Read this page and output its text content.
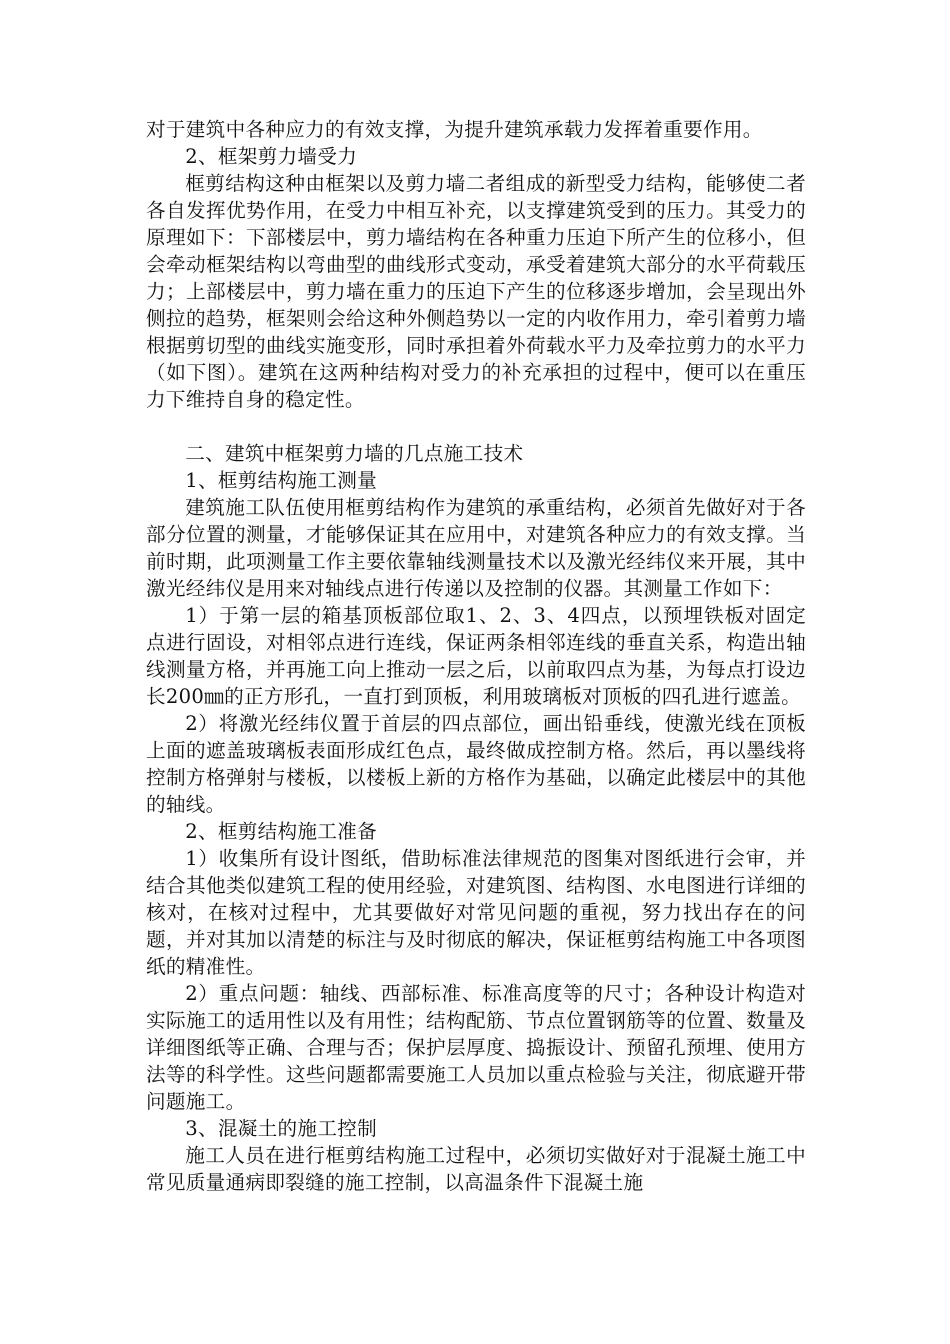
对于建筑中各种应力的有效支撑，为提升建筑承载力发挥着重要作用。

2、框架剪力墙受力

框剪结构这种由框架以及剪力墙二者组成的新型受力结构，能够使二者各自发挥优势作用，在受力中相互补充，以支撑建筑受到的压力。其受力的原理如下：下部楼层中，剪力墙结构在各种重力压迫下所产生的位移小，但会牵动框架结构以弯曲型的曲线形式变动，承受着建筑大部分的水平荷载压力；上部楼层中，剪力墙在重力的压迫下产生的位移逐步增加，会呈现出外侧拉的趋势，框架则会给这种外侧趋势以一定的内收作用力，牵引着剪力墙根据剪切型的曲线实施变形，同时承担着外荷载水平力及牵拉剪力的水平力（如下图）。建筑在这两种结构对受力的补充承担的过程中，便可以在重压力下维持自身的稳定性。

二、建筑中框架剪力墙的几点施工技术

1、框剪结构施工测量

建筑施工队伍使用框剪结构作为建筑的承重结构，必须首先做好对于各部分位置的测量，才能够保证其在应用中，对建筑各种应力的有效支撑。当前时期，此项测量工作主要依靠轴线测量技术以及激光经纬仪来开展，其中激光经纬仪是用来对轴线点进行传递以及控制的仪器。其测量工作如下：

1）于第一层的箱基顶板部位取1、2、3、4四点，以预埋铁板对固定点进行固设，对相邻点进行连线，保证两条相邻连线的垂直关系，构造出轴线测量方格，并再施工向上推动一层之后，以前取四点为基，为每点打设边长200㎜的正方形孔，一直打到顶板，利用玻璃板对顶板的四孔进行遮盖。

2）将激光经纬仪置于首层的四点部位，画出铅垂线，使激光线在顶板上面的遮盖玻璃板表面形成红色点，最终做成控制方格。然后，再以墨线将控制方格弹射与楼板，以楼板上新的方格作为基础，以确定此楼层中的其他的轴线。

2、框剪结构施工准备

1）收集所有设计图纸，借助标准法律规范的图集对图纸进行会审，并结合其他类似建筑工程的使用经验，对建筑图、结构图、水电图进行详细的核对，在核对过程中，尤其要做好对常见问题的重视，努力找出存在的问题，并对其加以清楚的标注与及时彻底的解决，保证框剪结构施工中各项图纸的精准性。

2）重点问题：轴线、西部标准、标准高度等的尺寸；各种设计构造对实际施工的适用性以及有用性；结构配筋、节点位置钢筋等的位置、数量及详细图纸等正确、合理与否；保护层厚度、捣振设计、预留孔预埋、使用方法等的科学性。这些问题都需要施工人员加以重点检验与关注，彻底避开带问题施工。

3、混凝土的施工控制

施工人员在进行框剪结构施工过程中，必须切实做好对于混凝土施工中常见质量通病即裂缝的施工控制，以高温条件下混凝土施
